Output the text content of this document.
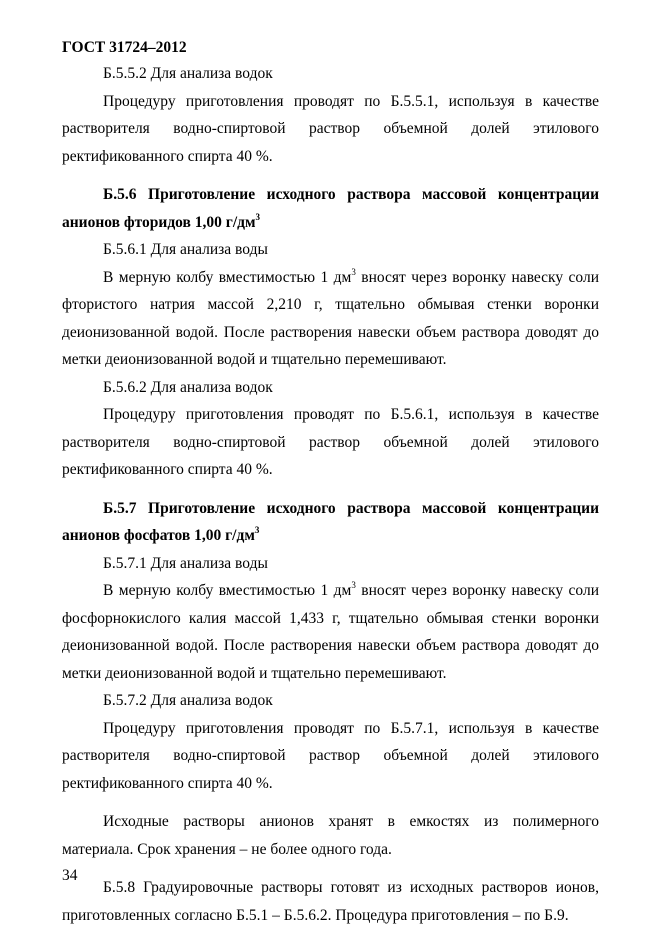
ГОСТ 31724–2012

Б.5.5.2 Для анализа водок

Процедуру приготовления проводят по Б.5.5.1, используя в качестве растворителя водно-спиртовой раствор объемной долей этилового ректификованного спирта 40 %.

Б.5.6 Приготовление исходного раствора массовой концентрации анионов фторидов 1,00 $г/дм^3$

Б.5.6.1 Для анализа воды

В мерную колбу вместимостью 1 $дм^3$ вносят через воронку навеску соли фтористого натрия массой 2,210 г, тщательно обмывая стенки воронки деионизованной водой. После растворения навески объем раствора доводят до метки деионизованной водой и тщательно перемешивают.

Б.5.6.2 Для анализа водок

Процедуру приготовления проводят по Б.5.6.1, используя в качестве растворителя водно-спиртовой раствор объемной долей этилового ректификованного спирта 40 %.

Б.5.7 Приготовление исходного раствора массовой концентрации анионов фосфатов 1,00 $г/дм^3$

Б.5.7.1 Для анализа воды

В мерную колбу вместимостью 1 $дм^3$ вносят через воронку навеску соли фосфорнокислого калия массой 1,433 г, тщательно обмывая стенки воронки деионизованной водой. После растворения навески объем раствора доводят до метки деионизованной водой и тщательно перемешивают.

Б.5.7.2 Для анализа водок

Процедуру приготовления проводят по Б.5.7.1, используя в качестве растворителя водно-спиртовой раствор объемной долей этилового ректификованного спирта 40 %.

Исходные растворы анионов хранят в емкостях из полимерного материала. Срок хранения – не более одного года.

Б.5.8 Градуировочные растворы готовят из исходных растворов ионов, приготовленных согласно Б.5.1 – Б.5.6.2. Процедура приготовления – по Б.9.

34
